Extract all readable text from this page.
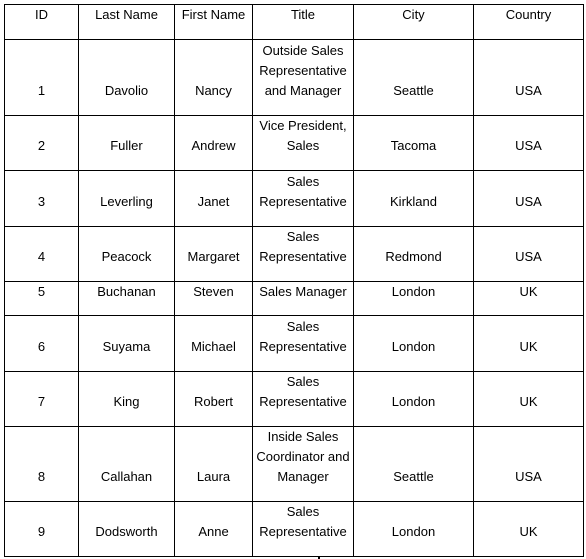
ID	Last Name	First Name	Title	City	Country
1	Davolio	Nancy	Outside Sales
Representative
and Manager	Seattle	USA
2	Fuller	Andrew	Vice President,
Sales	Tacoma	USA
3	Leverling	Janet	Sales
Representative	Kirkland	USA
4	Peacock	Margaret	Sales
Representative	Redmond	USA
5	Buchanan	Steven	Sales Manager	London	UK
6	Suyama	Michael	Sales
Representative	London	UK
7	King	Robert	Sales
Representative	London	UK
8	Callahan	Laura	Inside Sales
Coordinator and
Manager	Seattle	USA
9	Dodsworth	Anne	Sales
Representative	London	UK
